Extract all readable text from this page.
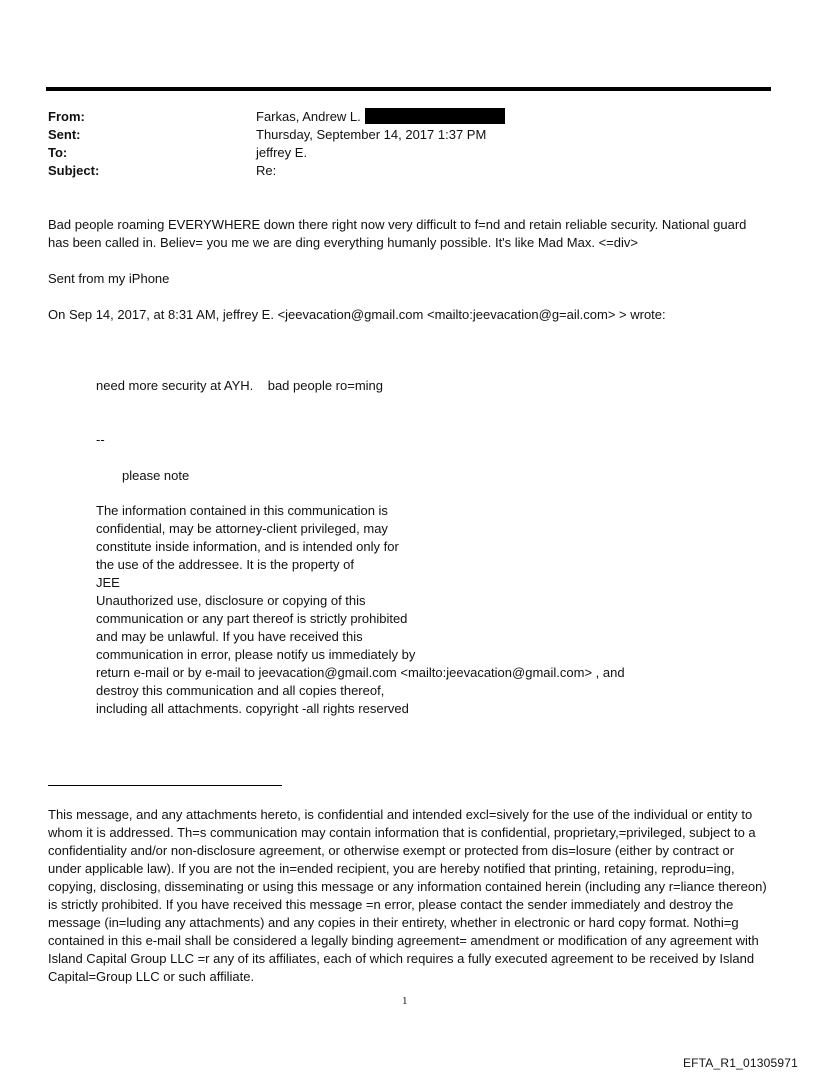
From:	Farkas, Andrew L.
Sent:	Thursday, September 14, 2017 1:37 PM
To:	jeffrey E.
Subject:	Re:
Bad people roaming EVERYWHERE down there right now very difficult to f=nd and retain reliable security. National guard has been called in. Believ= you me we are ding everything humanly possible. It's like Mad Max. <=div>
Sent from my iPhone
On Sep 14, 2017, at 8:31 AM, jeffrey E. <jeevacation@gmail.com <mailto:jeevacation@g=ail.com> > wrote:
need more security at AYH.    bad people ro=ming
--
please note
The information contained in this communication is
confidential, may be attorney-client privileged, may
constitute inside information, and is intended only for
the use of the addressee. It is the property of
JEE
Unauthorized use, disclosure or copying of this
communication or any part thereof is strictly prohibited
and may be unlawful. If you have received this
communication in error, please notify us immediately by
return e-mail or by e-mail to jeevacation@gmail.com <mailto:jeevacation@gmail.com> , and
destroy this communication and all copies thereof,
including all attachments. copyright -all rights reserved
This message, and any attachments hereto, is confidential and intended excl=sively for the use of the individual or entity to whom it is addressed. Th=s communication may contain information that is confidential, proprietary,=privileged, subject to a confidentiality and/or non-disclosure agreement, or otherwise exempt or protected from dis=losure (either by contract or under applicable law). If you are not the in=ended recipient, you are hereby notified that printing, retaining, reprodu=ing, copying, disclosing, disseminating or using this message or any information contained herein (including any r=liance thereon) is strictly prohibited. If you have received this message =n error, please contact the sender immediately and destroy the message (in=luding any attachments) and any copies in their entirety, whether in electronic or hard copy format. Nothi=g contained in this e-mail shall be considered a legally binding agreement= amendment or modification of any agreement with Island Capital Group LLC =r any of its affiliates, each of which requires a fully executed agreement to be received by Island Capital=Group LLC or such affiliate.
1
EFTA_R1_01305971
